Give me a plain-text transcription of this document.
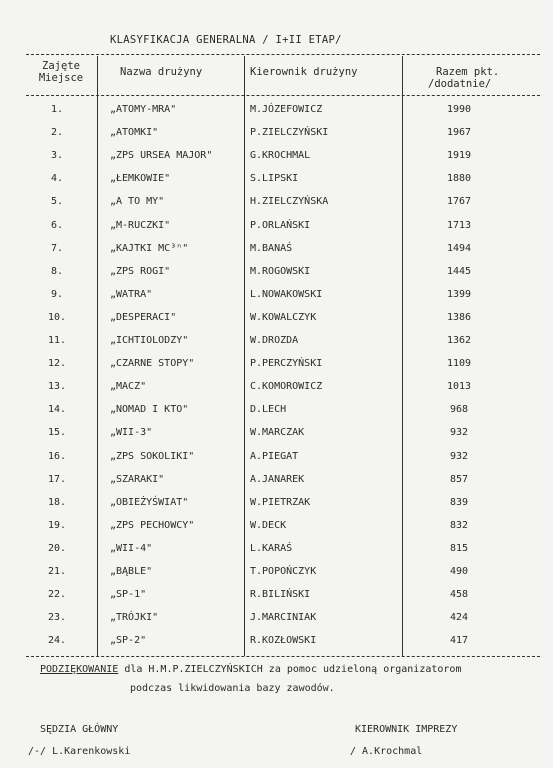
KLASYFIKACJA GENERALNA / I+II ETAP/
Zajęte
Miejsce	Nazwa drużyny	Kierownik drużyny	Razem pkt.
/dodatnie/
1.	„ATOMY-MRA"	M.JÓZEFOWICZ	1990
2.	„ATOMKI"	P.ZIELCZYŃSKI	1967
3.	„ZPS URSEA MAJOR"	G.KROCHMAL	1919
4.	„ŁEMKOWIE"	S.LIPSKI	1880
5.	„A TO MY"	H.ZIELCZYŃSKA	1767
6.	„M-RUCZKI"	P.ORLAŃSKI	1713
7.	„KAJTKI MC³ⁿ"	M.BANAŚ	1494
8.	„ZPS ROGI"	M.ROGOWSKI	1445
9.	„WATRA"	L.NOWAKOWSKI	1399
10.	„DESPERACI"	W.KOWALCZYK	1386
11.	„ICHTIOLODZY"	W.DROZDA	1362
12.	„CZARNE STOPY"	P.PERCZYŃSKI	1109
13.	„MACZ"	C.KOMOROWICZ	1013
14.	„NOMAD I KTO"	D.LECH	968
15.	„WII-3"	W.MARCZAK	932
16.	„ZPS SOKOLIKI"	A.PIEGAT	932
17.	„SZARAKI"	A.JANAREK	857
18.	„OBIEŻYŚWIAT"	W.PIETRZAK	839
19.	„ZPS PECHOWCY"	W.DECK	832
20.	„WII-4"	L.KARAŚ	815
21.	„BĄBLE"	T.POPOŃCZYK	490
22.	„SP-1"	R.BILIŃSKI	458
23.	„TRÓJKI"	J.MARCINIAK	424
24.	„SP-2"	R.KOZŁOWSKI	417
PODZIĘKOWANIE dla H.M.P.ZIELCZYŃSKICH za pomoc udzieloną organizatorom
podczas likwidowania bazy zawodów.
SĘDZIA GŁÓWNY
/-/ L.Karenkowski
KIEROWNIK IMPREZY
/ A.Krochmal
